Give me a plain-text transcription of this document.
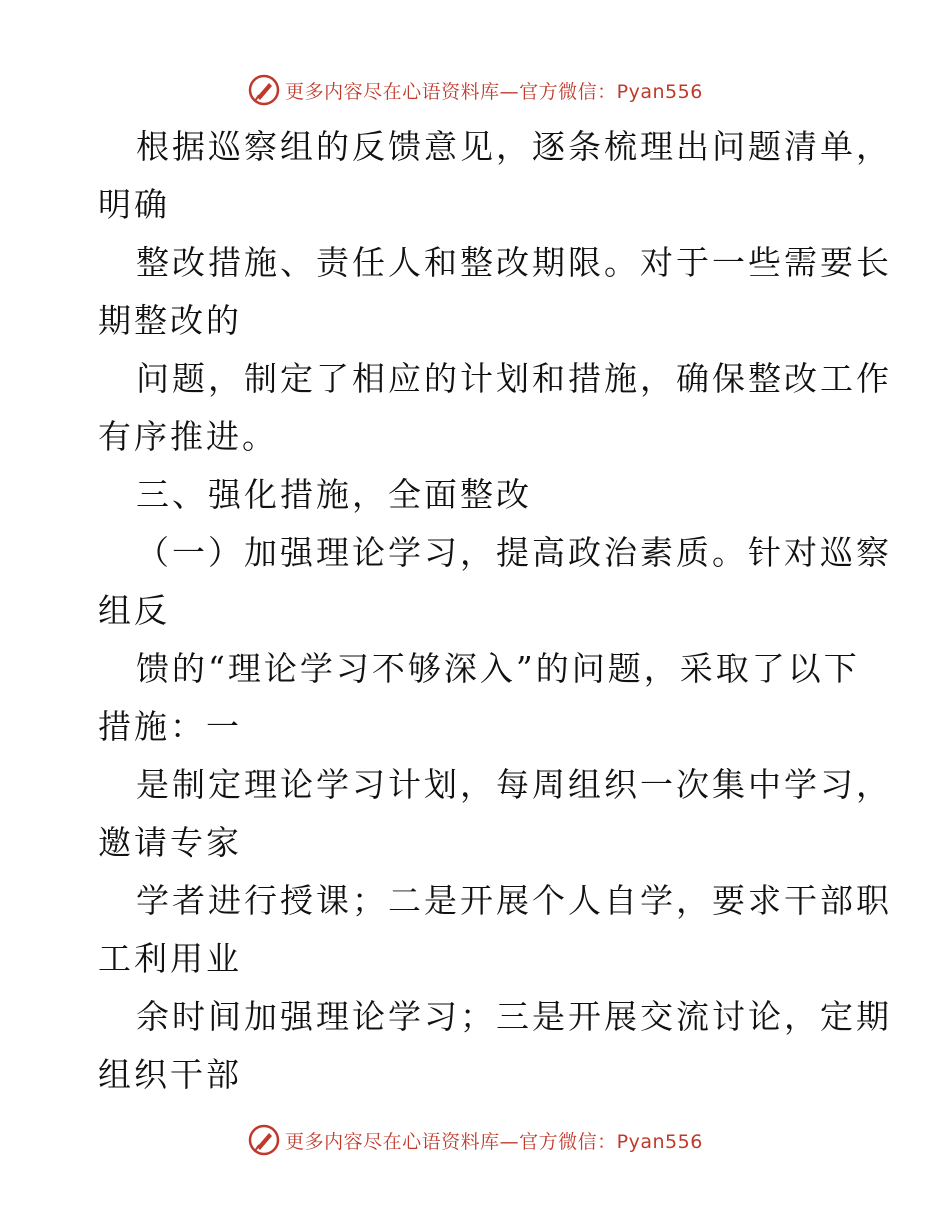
更多内容尽在心语资料库—官方微信：Pyan556
根据巡察组的反馈意见，逐条梳理出问题清单，
明确
整改措施、责任人和整改期限。对于一些需要长
期整改的
问题，制定了相应的计划和措施，确保整改工作
有序推进。
三、强化措施，全面整改
（一）加强理论学习，提高政治素质。针对巡察
组反
馈的“理论学习不够深入”的问题，采取了以下
措施：一
是制定理论学习计划，每周组织一次集中学习，
邀请专家
学者进行授课；二是开展个人自学，要求干部职
工利用业
余时间加强理论学习；三是开展交流讨论，定期
组织干部
更多内容尽在心语资料库—官方微信：Pyan556
